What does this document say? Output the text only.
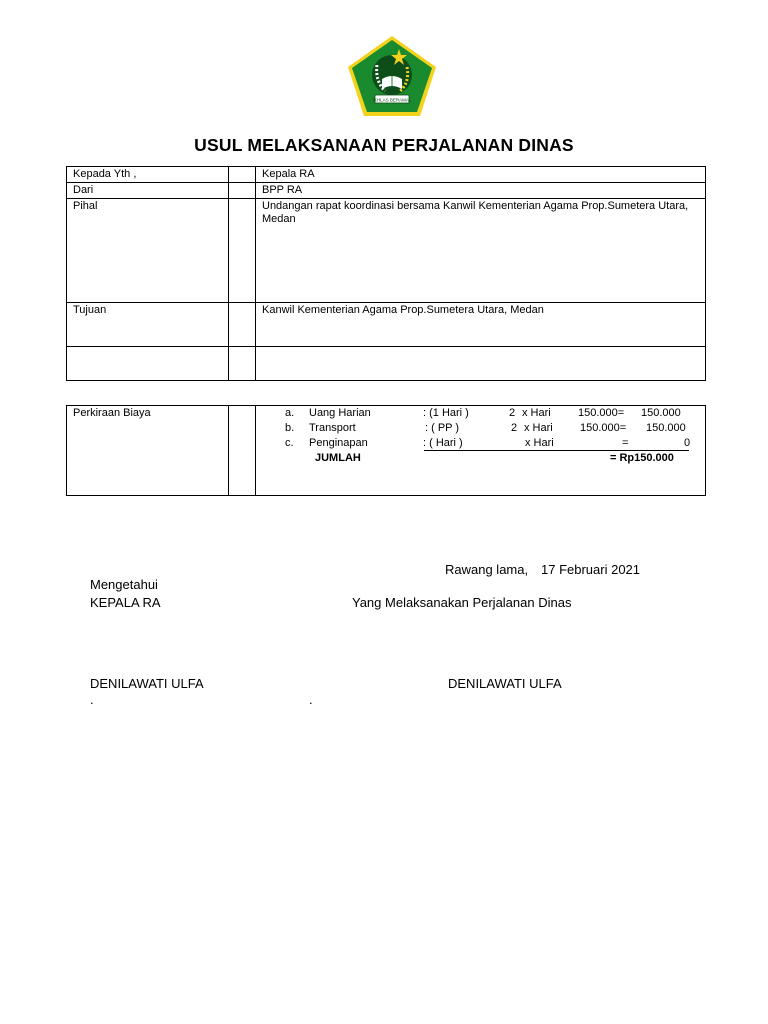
IKHLAS BERAMAL
USUL MELAKSANAAN PERJALANAN DINAS
Kepada Yth ,		Kepala RA
Dari		BPP RA
Pihal		Undangan rapat koordinasi bersama Kanwil Kementerian Agama Prop.Sumetera Utara, Medan
Tujuan		Kanwil Kementerian Agama Prop.Sumetera Utara, Medan

Perkiraan Biaya			a. Uang Harian	: (1 Hari )	2 x Hari 150.000= 150.000
b. Transport	: ( PP )	2 x Hari 150.000= 150.000
c. Penginapan	: ( Hari )	x Hari	=	0
JUMLAH	= Rp150.000
Rawang lama, 17 Februari 2021
Mengetahui
KEPALA RA
DENILAWATI ULFA
.
Yang Melaksanakan Perjalanan Dinas
DENILAWATI ULFA
.
